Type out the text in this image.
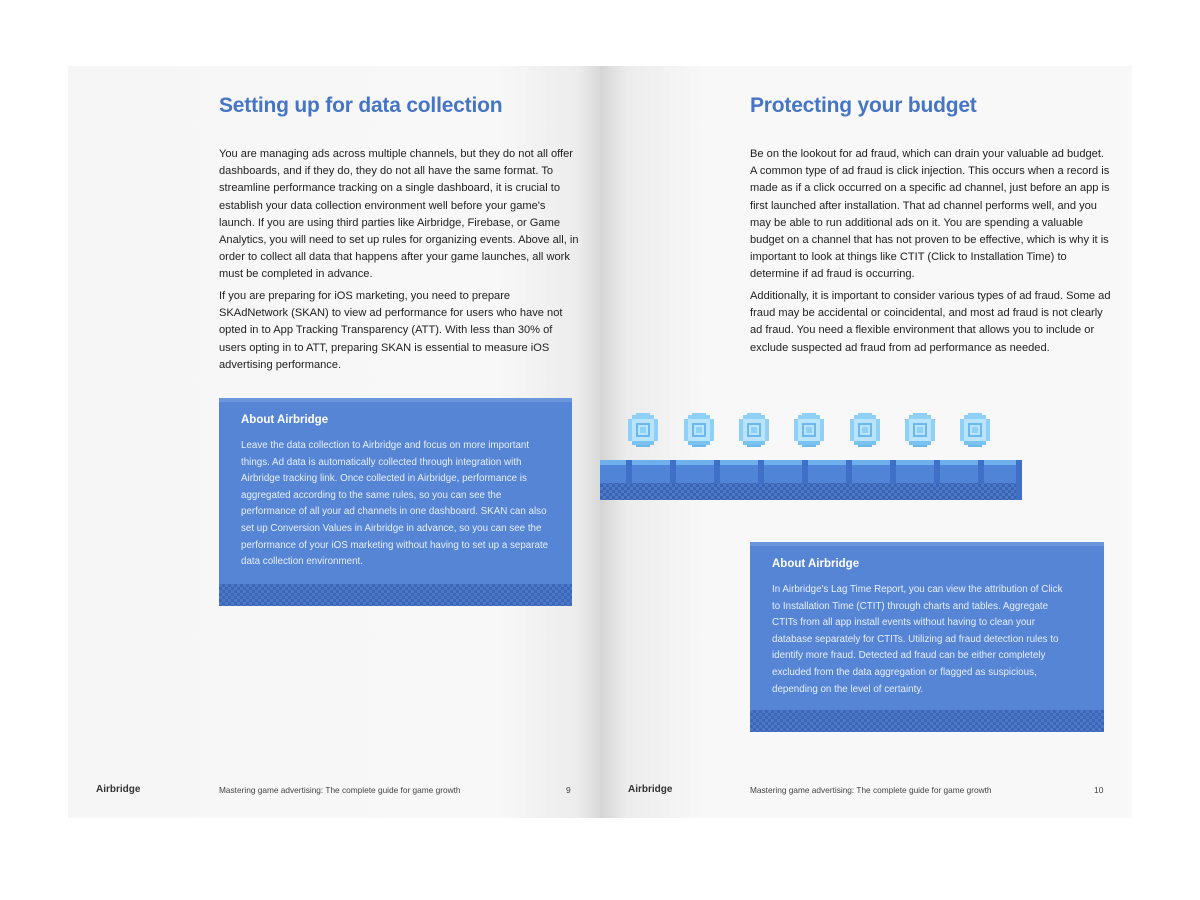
Setting up for data collection

You are managing ads across multiple channels, but they do not all offer dashboards, and if they do, they do not all have the same format. To streamline performance tracking on a single dashboard, it is crucial to establish your data collection environment well before your game's launch. If you are using third parties like Airbridge, Firebase, or Game Analytics, you will need to set up rules for organizing events. Above all, in order to collect all data that happens after your game launches, all work must be completed in advance.

If you are preparing for iOS marketing, you need to prepare SKAdNetwork (SKAN) to view ad performance for users who have not opted in to App Tracking Transparency (ATT). With less than 30% of users opting in to ATT, preparing SKAN is essential to measure iOS advertising performance.

About Airbridge

Leave the data collection to Airbridge and focus on more important things. Ad data is automatically collected through integration with Airbridge tracking link. Once collected in Airbridge, performance is aggregated according to the same rules, so you can see the performance of all your ad channels in one dashboard. SKAN can also set up Conversion Values in Airbridge in advance, so you can see the performance of your iOS marketing without having to set up a separate data collection environment.

Airbridge	Mastering game advertising: The complete guide for game growth	9
Protecting your budget

Be on the lookout for ad fraud, which can drain your valuable ad budget. A common type of ad fraud is click injection. This occurs when a record is made as if a click occurred on a specific ad channel, just before an app is first launched after installation. That ad channel performs well, and you may be able to run additional ads on it. You are spending a valuable budget on a channel that has not proven to be effective, which is why it is important to look at things like CTIT (Click to Installation Time) to determine if ad fraud is occurring.

Additionally, it is important to consider various types of ad fraud. Some ad fraud may be accidental or coincidental, and most ad fraud is not clearly ad fraud. You need a flexible environment that allows you to include or exclude suspected ad fraud from ad performance as needed.

About Airbridge

In Airbridge's Lag Time Report, you can view the attribution of Click to Installation Time (CTIT) through charts and tables. Aggregate CTITs from all app install events without having to clean your database separately for CTITs. Utilizing ad fraud detection rules to identify more fraud. Detected ad fraud can be either completely excluded from the data aggregation or flagged as suspicious, depending on the level of certainty.

Airbridge	Mastering game advertising: The complete guide for game growth	10
